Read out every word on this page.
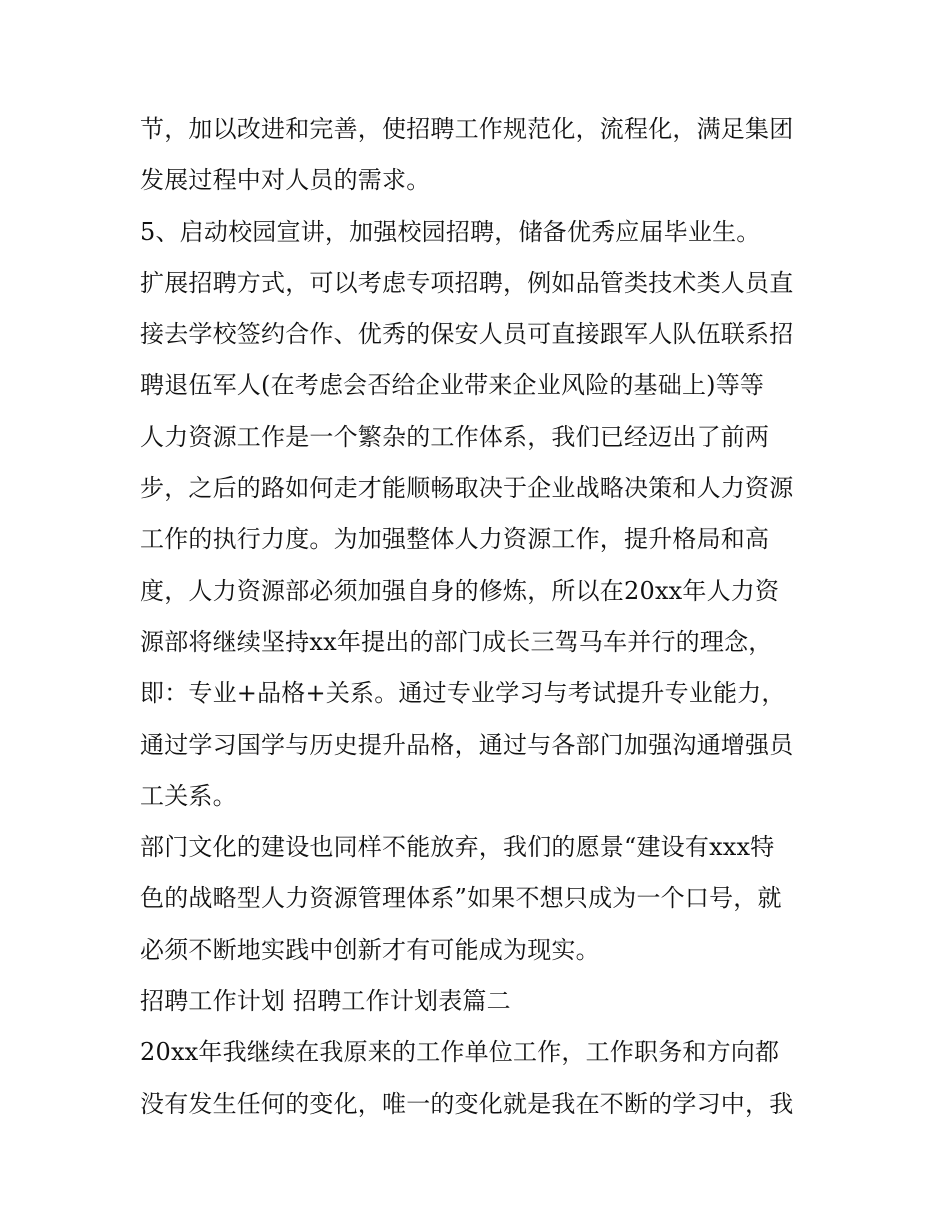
节，加以改进和完善，使招聘工作规范化，流程化，满足集团
发展过程中对人员的需求。
5、启动校园宣讲，加强校园招聘，储备优秀应届毕业生。
扩展招聘方式，可以考虑专项招聘，例如品管类技术类人员直
接去学校签约合作、优秀的保安人员可直接跟军人队伍联系招
聘退伍军人(在考虑会否给企业带来企业风险的基础上)等等
人力资源工作是一个繁杂的工作体系，我们已经迈出了前两
步，之后的路如何走才能顺畅取决于企业战略决策和人力资源
工作的执行力度。为加强整体人力资源工作，提升格局和高
度，人力资源部必须加强自身的修炼，所以在20xx年人力资
源部将继续坚持xx年提出的部门成长三驾马车并行的理念，
即：专业+品格+关系。通过专业学习与考试提升专业能力，
通过学习国学与历史提升品格，通过与各部门加强沟通增强员
工关系。
部门文化的建设也同样不能放弃，我们的愿景“建设有xxx特
色的战略型人力资源管理体系”如果不想只成为一个口号，就
必须不断地实践中创新才有可能成为现实。
招聘工作计划 招聘工作计划表篇二
20xx年我继续在我原来的工作单位工作，工作职务和方向都
没有发生任何的变化，唯一的变化就是我在不断的学习中，我
